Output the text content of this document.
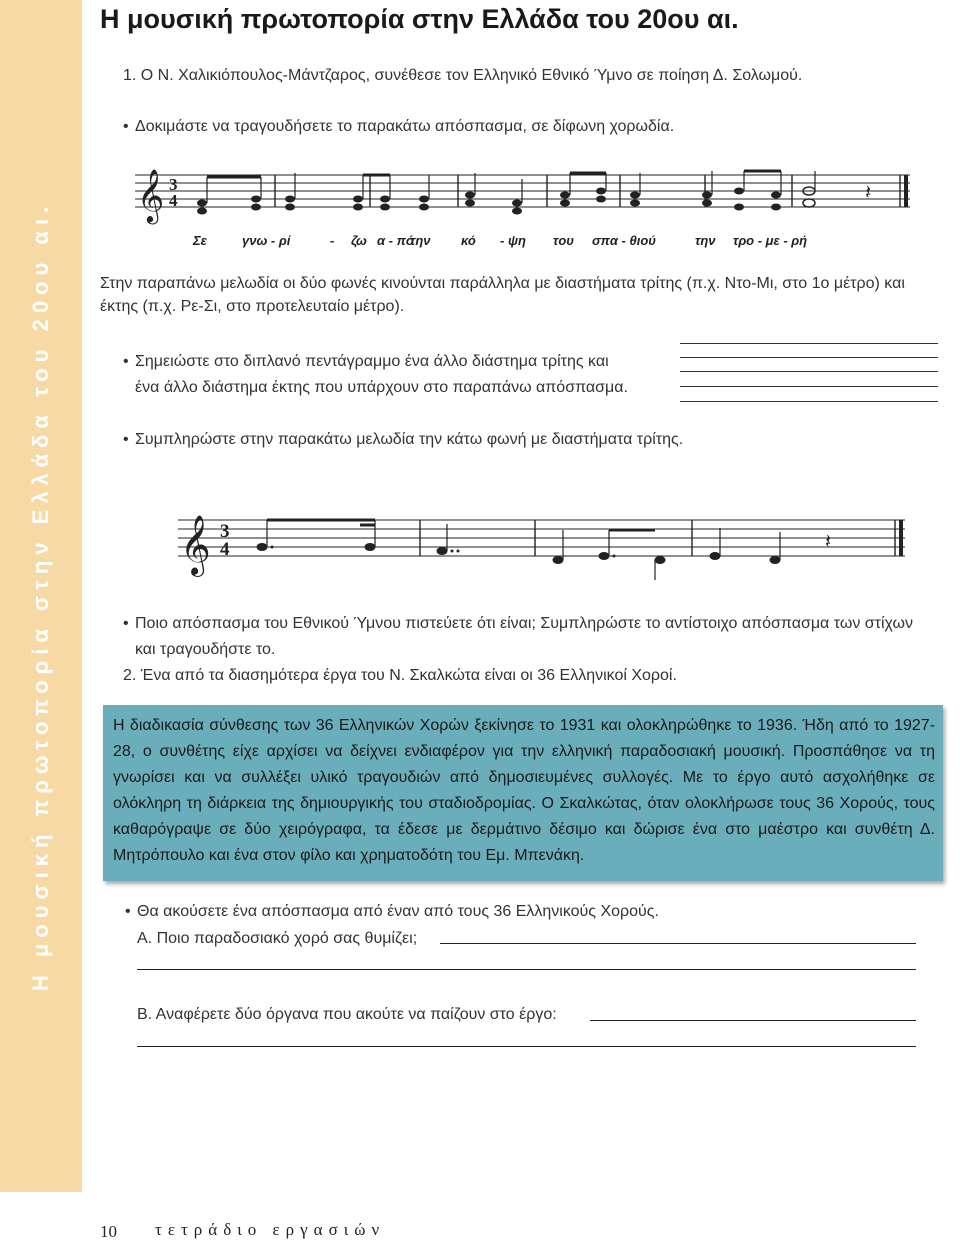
Η μουσική πρωτοπορία στην Ελλάδα του 20ου αι.
Η μουσική πρωτοπορία στην Ελλάδα του 20ου αι.

1. Ο Ν. Χαλικιόπουλος-Μάντζαρος, συνέθεσε τον Ελληνικό Εθνικό Ύμνο σε ποίηση Δ. Σολωμού.

• Δοκιμάστε να τραγουδήσετε το παρακάτω απόσπασμα, σε δίφωνη χορωδία.

𝄞 3
4	𝄽
Σε	γνω - ρί	- ζω α - πό
την κό - ψη του σπα - θιού	την τρο - με - ρή

Στην παραπάνω μελωδία οι δύο φωνές κινούνται παράλληλα με διαστήματα τρίτης (π.χ. Ντο-Μι, στο 1ο μέτρο) και έκτης (π.χ. Ρε-Σι, στο προτελευταίο μέτρο).

• Σημειώστε στο διπλανό πεντάγραμμο ένα άλλο διάστημα τρίτης και

ένα άλλο διάστημα έκτης που υπάρχουν στο παραπάνω απόσπασμα.

• Συμπληρώστε στην παρακάτω μελωδία την κάτω φωνή με διαστήματα τρίτης.

𝄞 3
4	𝄽

• Ποιο απόσπασμα του Εθνικού Ύμνου πιστεύετε ότι είναι; Συμπληρώστε το αντίστοιχο απόσπασμα των στίχων

και τραγουδήστε το.

2. Ένα από τα διασημότερα έργα του Ν. Σκαλκώτα είναι οι 36 Ελληνικοί Χοροί.

Η διαδικασία σύνθεσης των 36 Ελληνικών Χορών ξεκίνησε το 1931 και ολοκληρώθηκε το 1936. Ήδη από το 1927-28, ο συνθέτης είχε αρχίσει να δείχνει ενδιαφέρον για την ελληνική παραδοσιακή μουσική. Προσπάθησε να τη γνωρίσει και να συλλέξει υλικό τραγουδιών από δημοσιευμένες συλλογές. Με το έργο αυτό ασχολήθηκε σε ολόκληρη τη διάρκεια της δημιουργικής του σταδιοδρομίας. Ο Σκαλκώτας, όταν ολοκλήρωσε τους 36 Χορούς, τους καθαρόγραψε σε δύο χειρόγραφα, τα έδεσε με δερμάτινο δέσιμο και δώρισε ένα στο μαέστρο και συνθέτη Δ. Μητρόπουλο και ένα στον φίλο και χρηματοδότη του Εμ. Μπενάκη.

• Θα ακούσετε ένα απόσπασμα από έναν από τους 36 Ελληνικούς Χορούς.

Α. Ποιο παραδοσιακό χορό σας θυμίζει;

Β. Αναφέρετε δύο όργανα που ακούτε να παίζουν στο έργο:

10 τετράδιο εργασιών
